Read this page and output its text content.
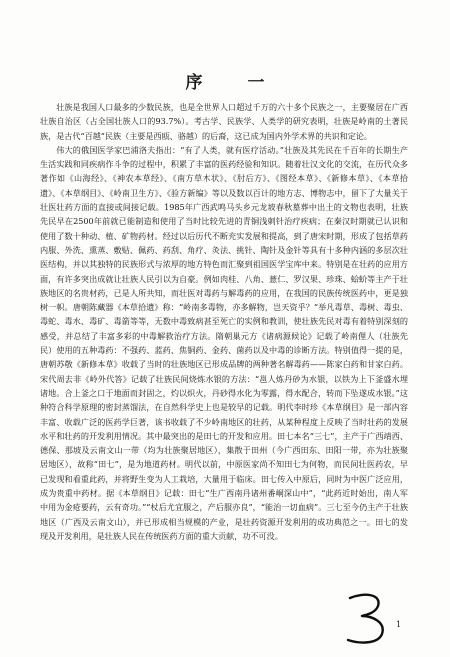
序　一

壮族是我国人口最多的少数民族，也是全世界人口超过千万的六十多个民族之一，主要聚居在广西壮族自治区（占全国壮族人口的93.7%）。考古学、民族学、人类学的研究表明，壮族是岭南的土著民族，是古代“百越”民族（主要是西瓯、骆越）的后裔，这已成为国内外学术界的共识和定论。

伟大的俄国医学家巴浦洛夫指出：“有了人类，就有医疗活动。”壮族及其先民在千百年的长期生产生活实践和同疾病作斗争的过程中，积累了丰富的医药经验和知识。随着壮汉文化的交流，在历代众多著作如《山海经》、《神农本草经》、《南方草木状》、《肘后方》、《图经本草》、《新修本草》、《本草拾遗》、《本草纲目》、《岭南卫生方》、《验方新编》等以及数以百计的地方志、博物志中，留下了大量关于壮医壮药方面的直接或间接记载。1985年广西武鸣马头乡元龙坡春秋墓葬中出土的文物也表明，壮族先民早在2500年前就已能制造和使用了当时比较先进的青铜浅刺针治疗疾病；在秦汉时期就已认识和使用了数十种动、植、矿物药材。经过以后历代不断充实发展和提高，到了唐宋时期，形成了包括草药内服、外洗、熏蒸、敷贴、佩药、药刮、角疗、灸法、挑针、陶针及金针等具有十多种内涵的多层次壮医结构，并以其独特的民族形式与浓厚的地方特色而汇聚到祖国医学宝库中来。特别是在壮药的应用方面，有许多突出成就让壮族人民引以为自豪。例如肉桂、八角、薏仁、罗汉果、珍珠、蛤蚧等主产于壮族地区的名贵材药，已是人所共知，而壮医对毒药与解毒药的应用，在我国的民族传统医药中，更是独树一帜。唐朝陈藏器《本草拾遗》称：“岭南多毒物，亦多解物，岂天资乎？”举凡毒草、毒树、毒虫、毒蛇、毒水、毒矿、毒箭等等，无数中毒致病甚至死亡的实例和教训，使壮族先民对毒有着特别深刻的感受，并总结了丰富多彩的中毒解救治疗方法。隋朝巢元方《诸病源候论》记载了岭南俚人（壮族先民）使用的五种毒药：不强药、蓝药、焦铜药、金药、菌药以及中毒的诊断方法。特别值得一提的是，唐朝苏敬《新修本草》收载了当时的壮族地区已形成品牌的两种著名解毒药——陈家白药和甘家白药。宋代周去非《岭外代答》记载了壮族民间烧炼水银的方法：“邕人炼丹砂为水银，以铁为上下釜盛水埋诸地。合上釜之口于地面而封固之，灼以炽火，丹砂得水化为零露，得水配合，转而下坠遂成水银。”这种符合科学原理的密封蒸馏法，在自然科学史上也是较早的记载。明代李时珍《本草纲目》是一部内容丰富、收载广泛的医药学巨著，该书收载了不少岭南地区的壮药，从某种程度上反映了当时壮药的发展水平和壮药的开发利用情况。其中最突出的是田七的开发和应用。田七本名“三七”，主产于广西靖西、德保、那坡及云南文山一带（均为壮族聚居地区），集散于田州（今广西田东、田阳一带，亦为壮族聚居地区），故称“田七”，是为地道药材。明代以前，中原医家尚不知田七为何物，而民间壮医药农，早已发现和看重此药，并将野生变为人工栽培，大量用于临床。田七传入中原后，同时为中医广泛应用，成为贵重中药材。据《本草纲目》记载：田七“生广西南丹诸州番峒深山中”，“此药近时始出，南人军中用为金疮要药，云有奇功。”“杖后尤宜服之，产后服亦良”，“能治一切血病”。三七至今仍主产于壮族地区（广西及云南文山），并已形成相当规模的产业，是壮药资源开发利用的成功典范之一。田七的发现及开发利用，是壮族人民在传统医药方面的重大贡献，功不可没。

1
